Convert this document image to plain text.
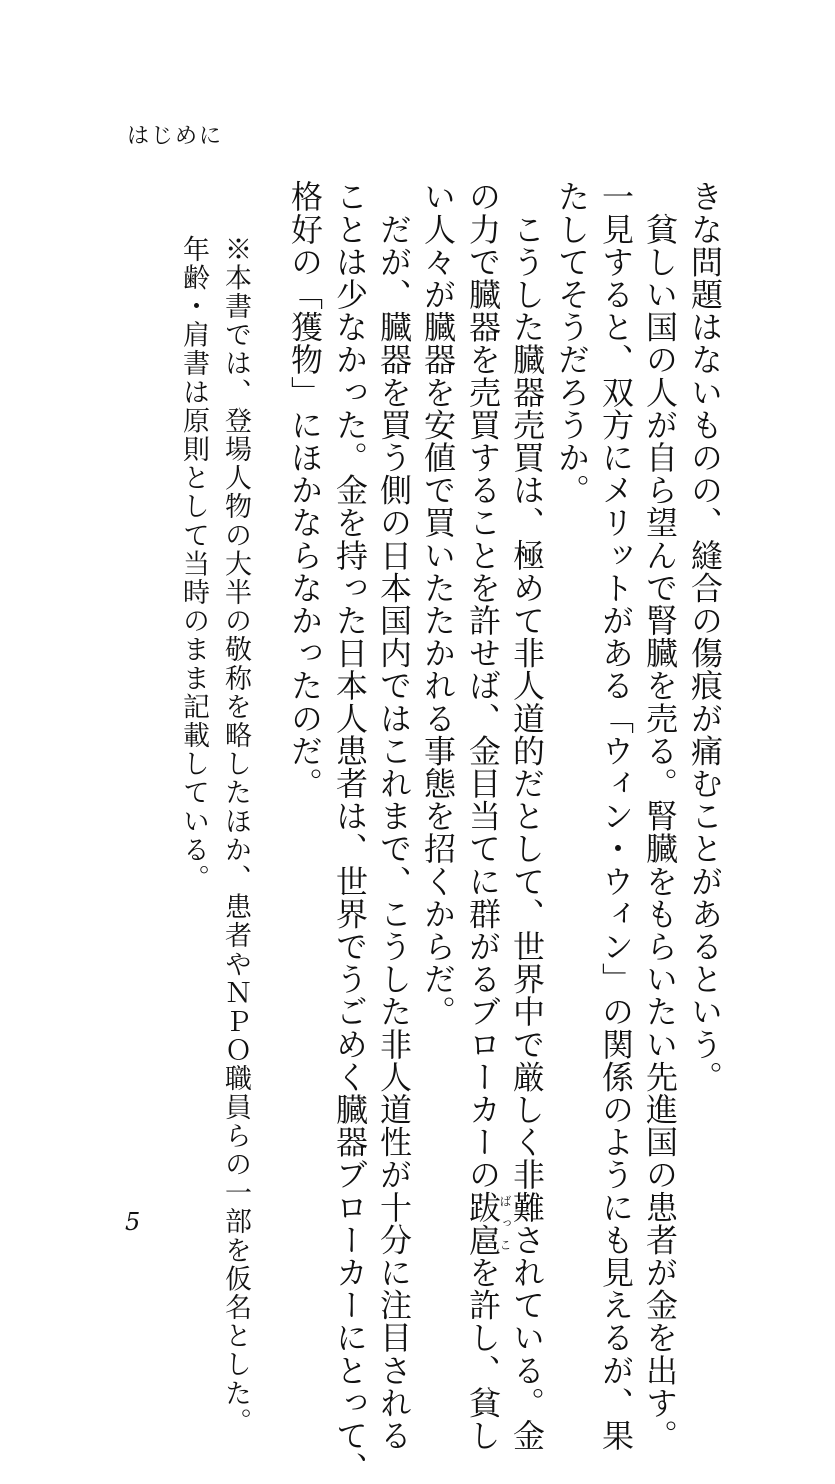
はじめに
きな問題はないものの、縫合の傷痕が痛むことがあるという。
　貧しい国の人が自ら望んで腎臓を売る。腎臓をもらいたい先進国の患者が金を出す。
一見すると、双方にメリットがある「ウィン・ウィン」の関係のようにも見えるが、果
たしてそうだろうか。
　こうした臓器売買は、極めて非人道的だとして、世界中で厳しく非難されている。金
の力で臓器を売買することを許せば、金目当てに群がるブローカーの跋扈ばっこを許し、貧し
い人々が臓器を安値で買いたたかれる事態を招くからだ。
　だが、臓器を買う側の日本国内ではこれまで、こうした非人道性が十分に注目される
ことは少なかった。金を持った日本人患者は、世界でうごめく臓器ブローカーにとって、
格好の「獲物」にほかならなかったのだ。
※本書では、登場人物の大半の敬称を略したほか、患者やＮＰＯ職員らの一部を仮名とした。
年齢・肩書は原則として当時のまま記載している。
5
